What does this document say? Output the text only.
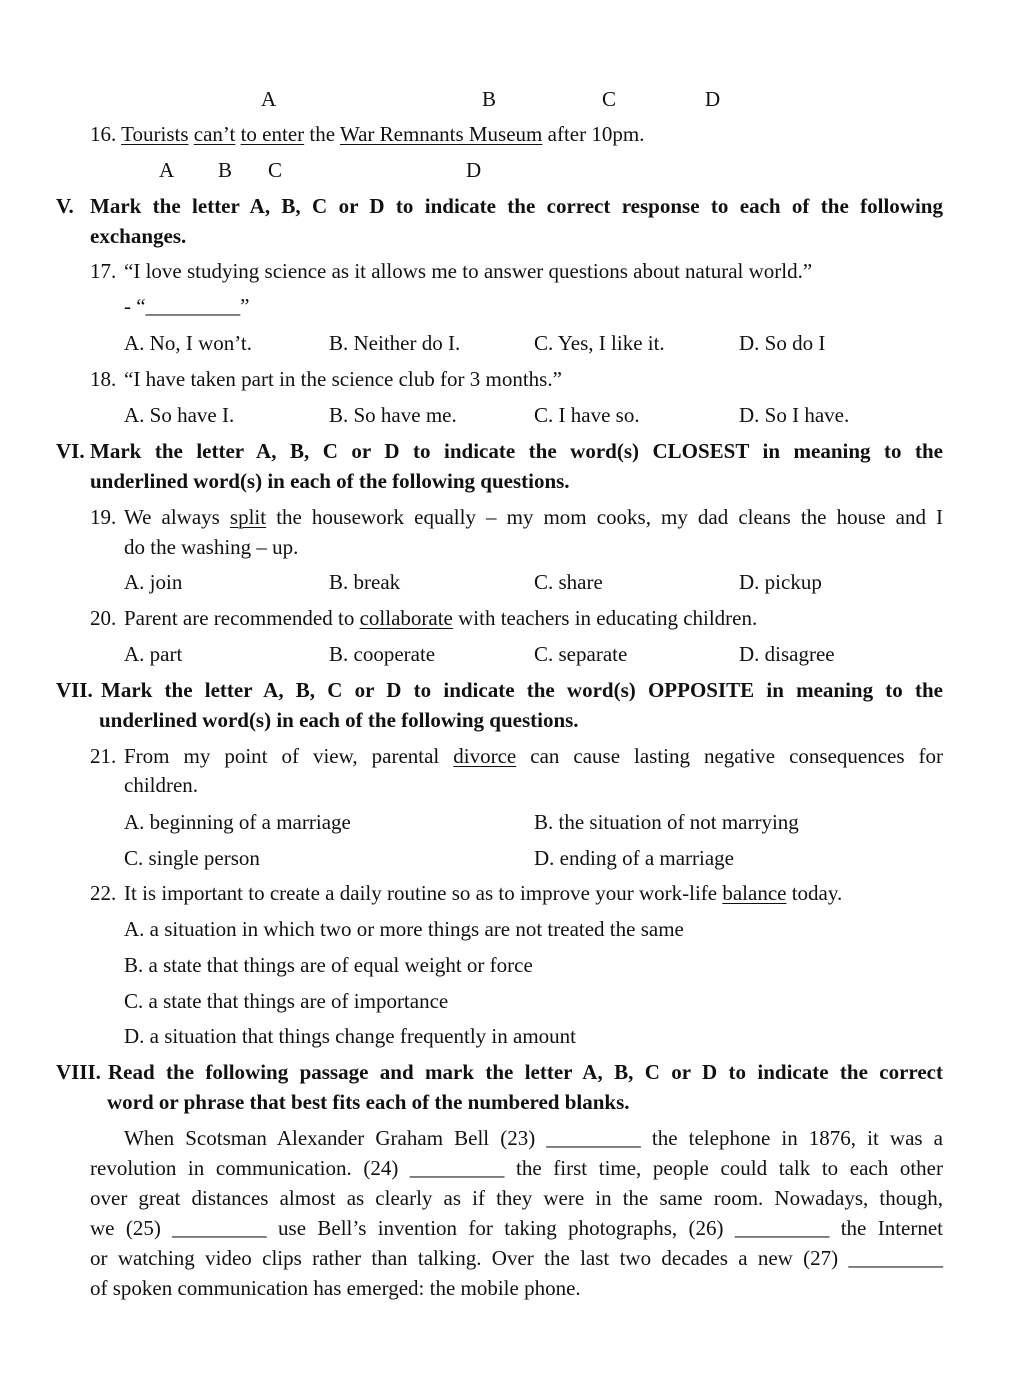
A	B	C	D
16. Tourists can’t to enter the War Remnants Museum after 10pm.
A B C	D
V. Mark the letter A, B, C or D to indicate the correct response to each of the following
exchanges.
17. “I love studying science as it allows me to answer questions about natural world.”
- “_________”
A. No, I won’t.	B. Neither do I.	C. Yes, I like it.	D. So do I
18. “I have taken part in the science club for 3 months.”
A. So have I.	B. So have me.	C. I have so.	D. So I have.
VI. Mark the letter A, B, C or D to indicate the word(s) CLOSEST in meaning to the
underlined word(s) in each of the following questions.
19. We always split the housework equally – my mom cooks, my dad cleans the house and I
do the washing – up.
A. join	B. break	C. share	D. pickup
20. Parent are recommended to collaborate with teachers in educating children.
A. part	B. cooperate	C. separate	D. disagree
VII. Mark the letter A, B, C or D to indicate the word(s) OPPOSITE in meaning to the
underlined word(s) in each of the following questions.
21. From my point of view, parental divorce can cause lasting negative consequences for
children.
A. beginning of a marriage	B. the situation of not marrying
C. single person	D. ending of a marriage
22. It is important to create a daily routine so as to improve your work-life balance today.
A. a situation in which two or more things are not treated the same
B. a state that things are of equal weight or force
C. a state that things are of importance
D. a situation that things change frequently in amount
VIII. Read the following passage and mark the letter A, B, C or D to indicate the correct
word or phrase that best fits each of the numbered blanks.
When Scotsman Alexander Graham Bell (23) _________ the telephone in 1876, it was a
revolution in communication. (24) _________ the first time, people could talk to each other
over great distances almost as clearly as if they were in the same room. Nowadays, though,
we (25) _________ use Bell’s invention for taking photographs, (26) _________ the Internet
or watching video clips rather than talking. Over the last two decades a new (27) _________
of spoken communication has emerged: the mobile phone.
